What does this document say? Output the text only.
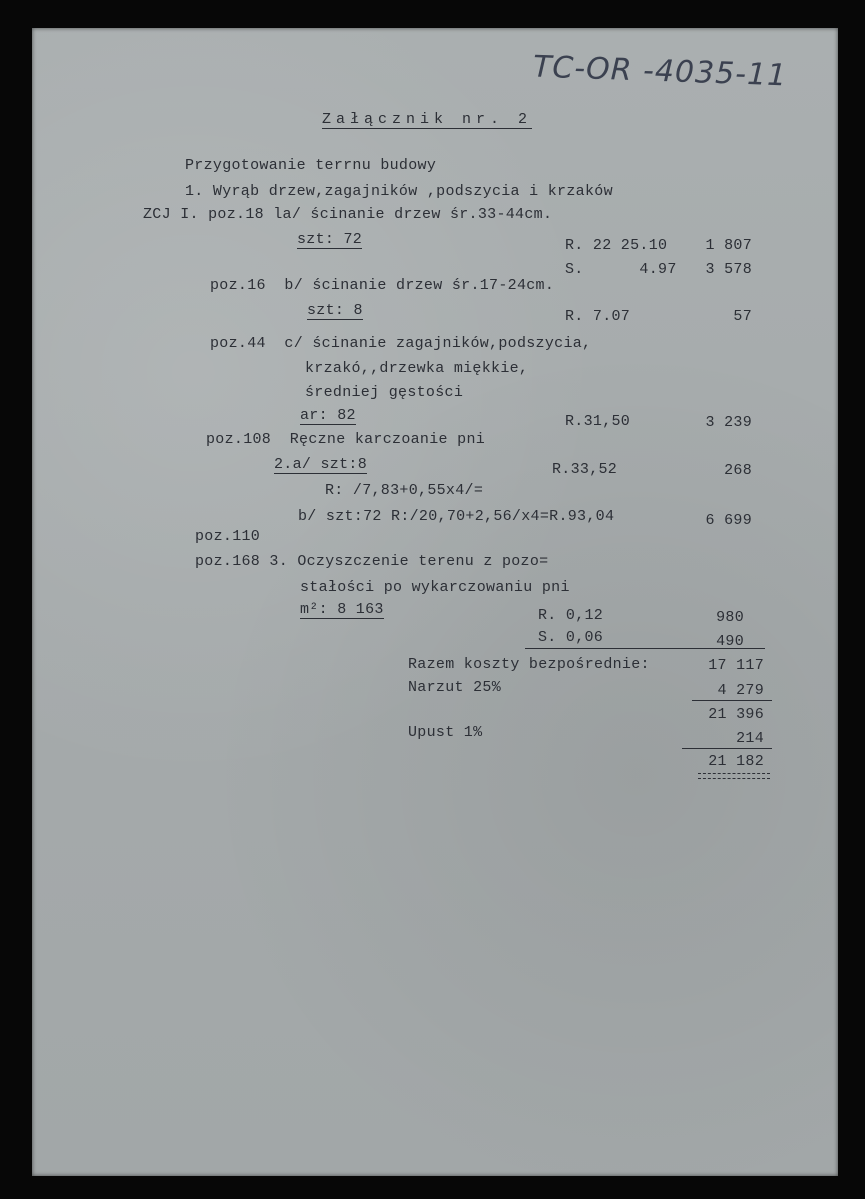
TC-OR -4035-11
Załącznik nr. 2
Przygotowanie terrnu budowy
1. Wyrąb drzew,zagajników ,podszycia i krzaków
ZCJ I. poz.18 la/ ścinanie drzew śr.33-44cm.
szt: 72	R. 22 25.10	1 807
S.      4.97	3 578
poz.16  b/ ścinanie drzew śr.17-24cm.
szt: 8	R. 7.07	57
poz.44  c/ ścinanie zagajników,podszycia,
krzakó,,drzewka miękkie,
średniej gęstości
ar: 82	R.31,50	3 239
poz.108  Ręczne karczoanie pni
2.a/ szt:8	R.33,52	268
R: /7,83+0,55x4/=
b/ szt:72 R:/20,70+2,56/x4=R.93,04	6 699
poz.110
poz.168 3. Oczyszczenie terenu z pozo=
stałości po wykarczowaniu pni
m²: 8 163	R. 0,12	980
S. 0,06	490
Razem koszty bezpośrednie:	17 117
Narzut 25%	4 279
21 396
Upust 1%	214
21 182
